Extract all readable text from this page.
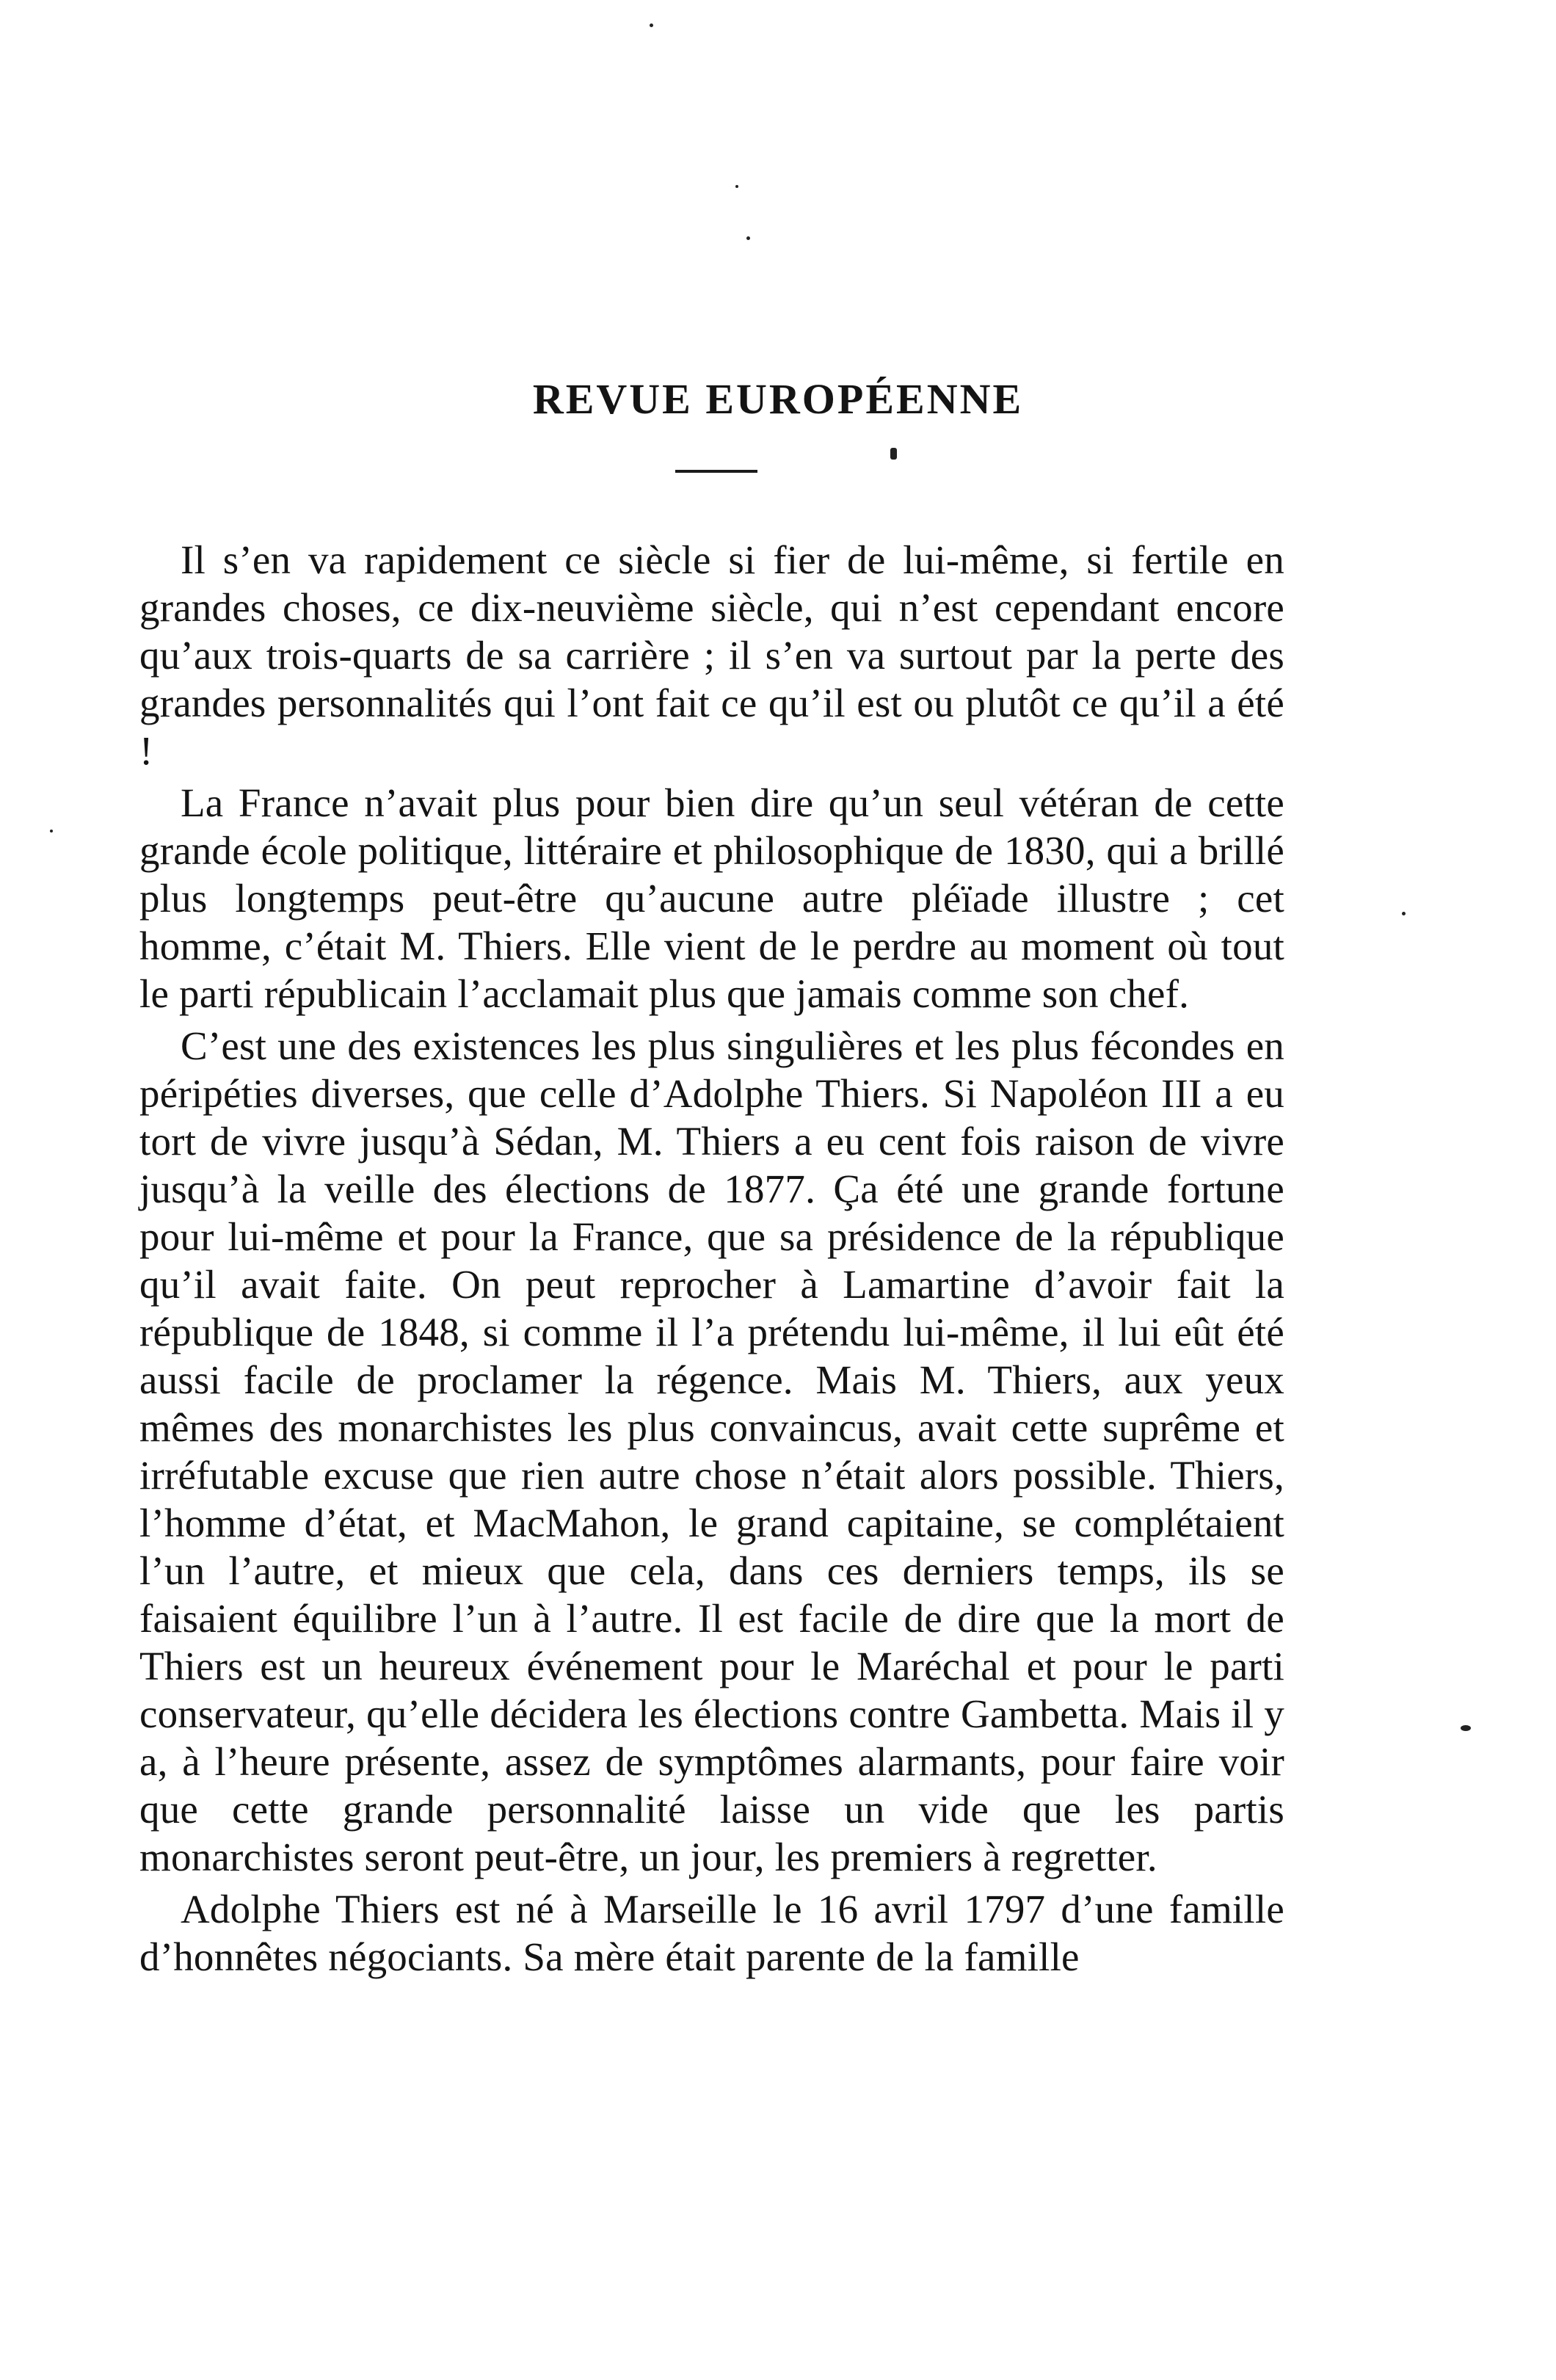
REVUE EUROPÉENNE

Il s’en va rapidement ce siècle si fier de lui-même, si fertile en grandes choses, ce dix-neuvième siècle, qui n’est cependant encore qu’aux trois-quarts de sa carrière ; il s’en va surtout par la perte des grandes personnalités qui l’ont fait ce qu’il est ou plutôt ce qu’il a été !

La France n’avait plus pour bien dire qu’un seul vétéran de cette grande école politique, littéraire et philosophique de 1830, qui a brillé plus longtemps peut-être qu’aucune autre pléïade illustre ; cet homme, c’était M. Thiers. Elle vient de le perdre au moment où tout le parti républicain l’acclamait plus que jamais comme son chef.

C’est une des existences les plus singulières et les plus fécondes en péripéties diverses, que celle d’Adolphe Thiers. Si Napoléon III a eu tort de vivre jusqu’à Sédan, M. Thiers a eu cent fois raison de vivre jusqu’à la veille des élections de 1877. Ça été une grande fortune pour lui-même et pour la France, que sa présidence de la république qu’il avait faite. On peut reprocher à Lamartine d’avoir fait la république de 1848, si comme il l’a prétendu lui-même, il lui eût été aussi facile de proclamer la régence. Mais M. Thiers, aux yeux mêmes des monarchistes les plus convaincus, avait cette suprême et irréfutable excuse que rien autre chose n’était alors possible. Thiers, l’homme d’état, et MacMahon, le grand capitaine, se complétaient l’un l’autre, et mieux que cela, dans ces derniers temps, ils se faisaient équilibre l’un à l’autre. Il est facile de dire que la mort de Thiers est un heureux événement pour le Maréchal et pour le parti conservateur, qu’elle décidera les élections contre Gambetta. Mais il y a, à l’heure présente, assez de symptômes alarmants, pour faire voir que cette grande personnalité laisse un vide que les partis monarchistes seront peut-être, un jour, les premiers à regretter.

Adolphe Thiers est né à Marseille le 16 avril 1797 d’une famille d’honnêtes négociants. Sa mère était parente de la famille
